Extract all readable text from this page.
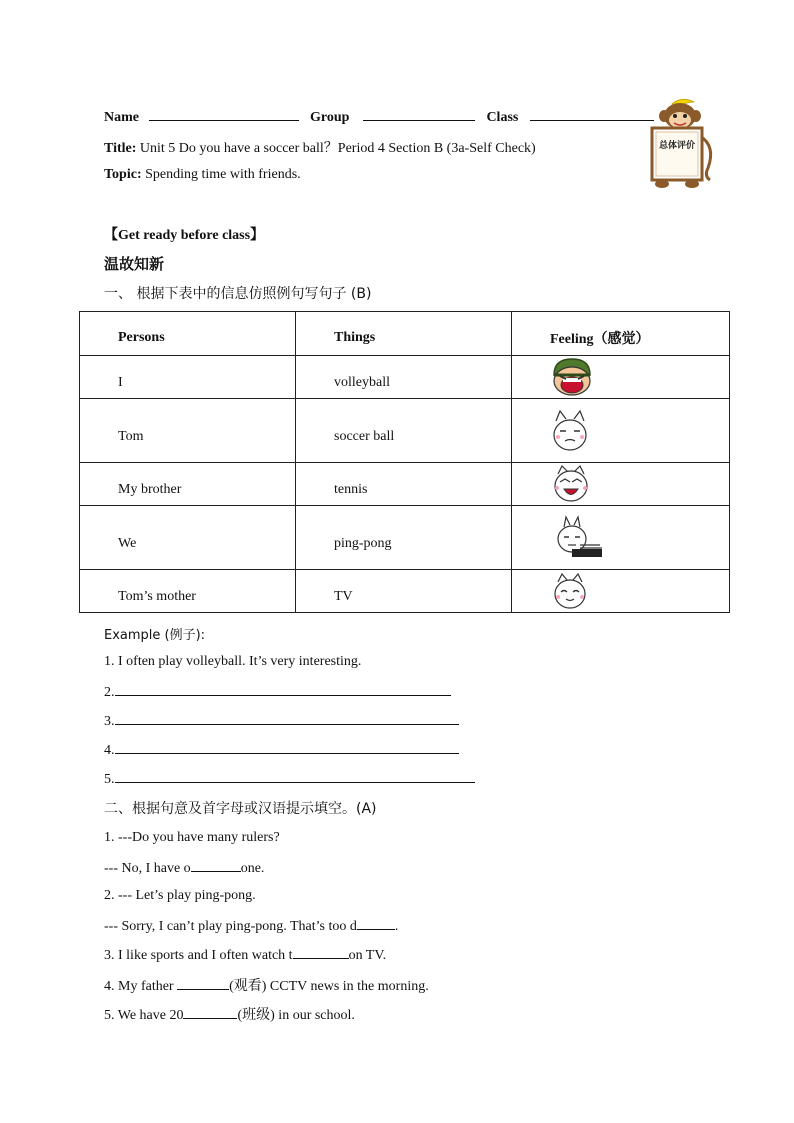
Name	Group	Class
Title: Unit 5 Do you have a soccer ball？Period 4 Section B (3a-Self Check)
Topic: Spending time with friends.
总体评价
【Get ready before class】
温故知新
一、 根据下表中的信息仿照例句写句子 (B)
Persons	Things	Feeling（感觉）
I	volleyball	
Tom	soccer ball	
My brother	tennis	
We	ping-pong	
Tom’s mother	TV	
Example (例子):
1. I often play volleyball. It’s very interesting.
2.
3.
4.
5.
二、根据句意及首字母或汉语提示填空。(A)
1. ---Do you have many rulers?
--- No, I have o	one.
2. --- Let’s play ping-pong.
--- Sorry, I can’t play ping-pong. That’s too d	.
3. I like sports and I often watch t	on TV.
4. My father	(观看) CCTV news in the morning.
5. We have 20	(班级) in our school.
